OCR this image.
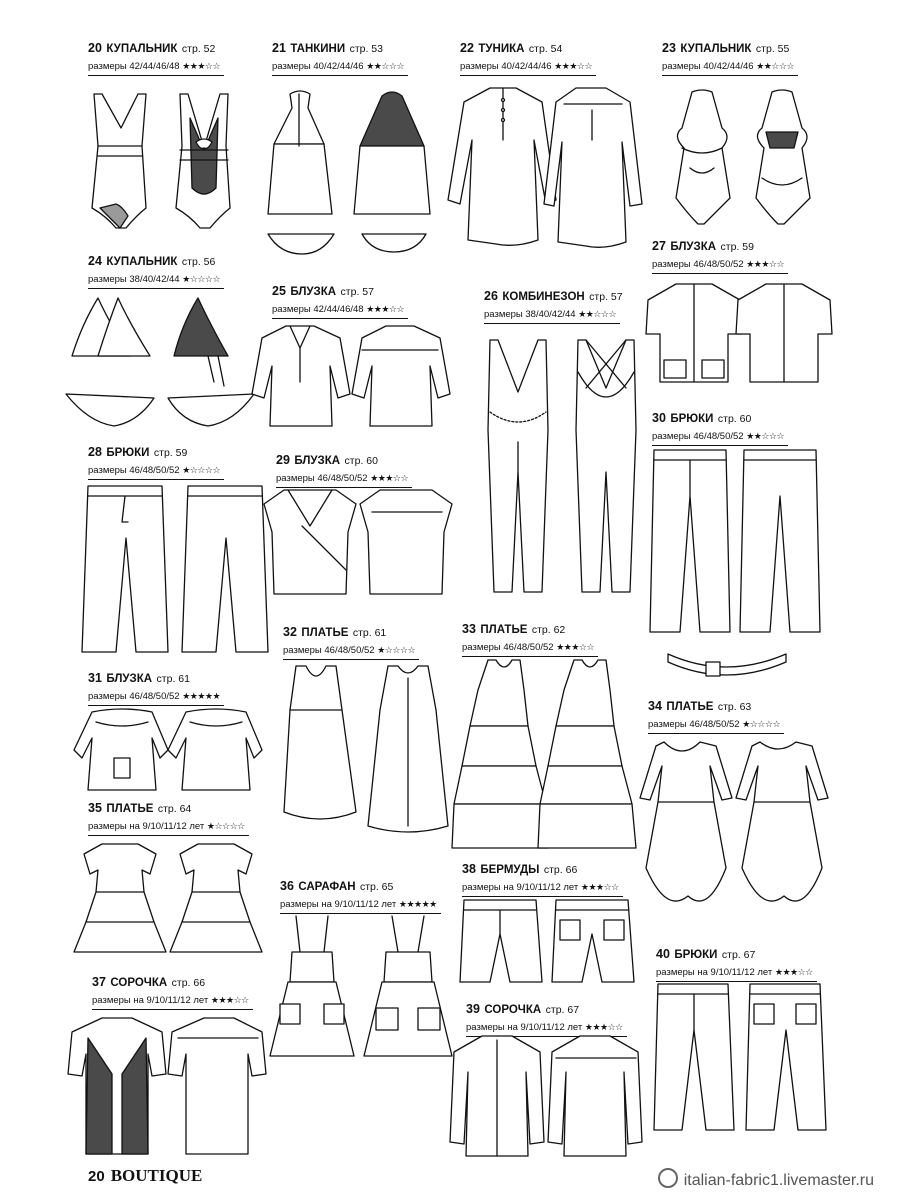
20 КУПАЛЬНИК стр. 52
размеры 42/44/46/48 ★★★☆☆
21 ТАНКИНИ стр. 53
размеры 40/42/44/46 ★★☆☆☆
22 ТУНИКА стр. 54
размеры 40/42/44/46 ★★★☆☆
23 КУПАЛЬНИК стр. 55
размеры 40/42/44/46 ★★☆☆☆
24 КУПАЛЬНИК стр. 56
размеры 38/40/42/44 ★☆☆☆☆
25 БЛУЗКА стр. 57
размеры 42/44/46/48 ★★★☆☆
26 КОМБИНЕЗОН стр. 57
размеры 38/40/42/44 ★★☆☆☆
27 БЛУЗКА стр. 59
размеры 46/48/50/52 ★★★☆☆
28 БРЮКИ стр. 59
размеры 46/48/50/52 ★☆☆☆☆
29 БЛУЗКА стр. 60
размеры 46/48/50/52 ★★★☆☆
30 БРЮКИ стр. 60
размеры 46/48/50/52 ★★☆☆☆
31 БЛУЗКА стр. 61
размеры 46/48/50/52 ★★★★★
32 ПЛАТЬЕ стр. 61
размеры 46/48/50/52 ★☆☆☆☆
33 ПЛАТЬЕ стр. 62
размеры 46/48/50/52 ★★★☆☆
34 ПЛАТЬЕ стр. 63
размеры 46/48/50/52 ★☆☆☆☆
35 ПЛАТЬЕ стр. 64
размеры на 9/10/11/12 лет ★☆☆☆☆
36 САРАФАН стр. 65
размеры на 9/10/11/12 лет ★★★★★
37 СОРОЧКА стр. 66
размеры на 9/10/11/12 лет ★★★☆☆
38 БЕРМУДЫ стр. 66
размеры на 9/10/11/12 лет ★★★☆☆
39 СОРОЧКА стр. 67
размеры на 9/10/11/12 лет ★★★☆☆
40 БРЮКИ стр. 67
размеры на 9/10/11/12 лет ★★★☆☆
20 BOUTIQUE	italian-fabric1.livemaster.ru
